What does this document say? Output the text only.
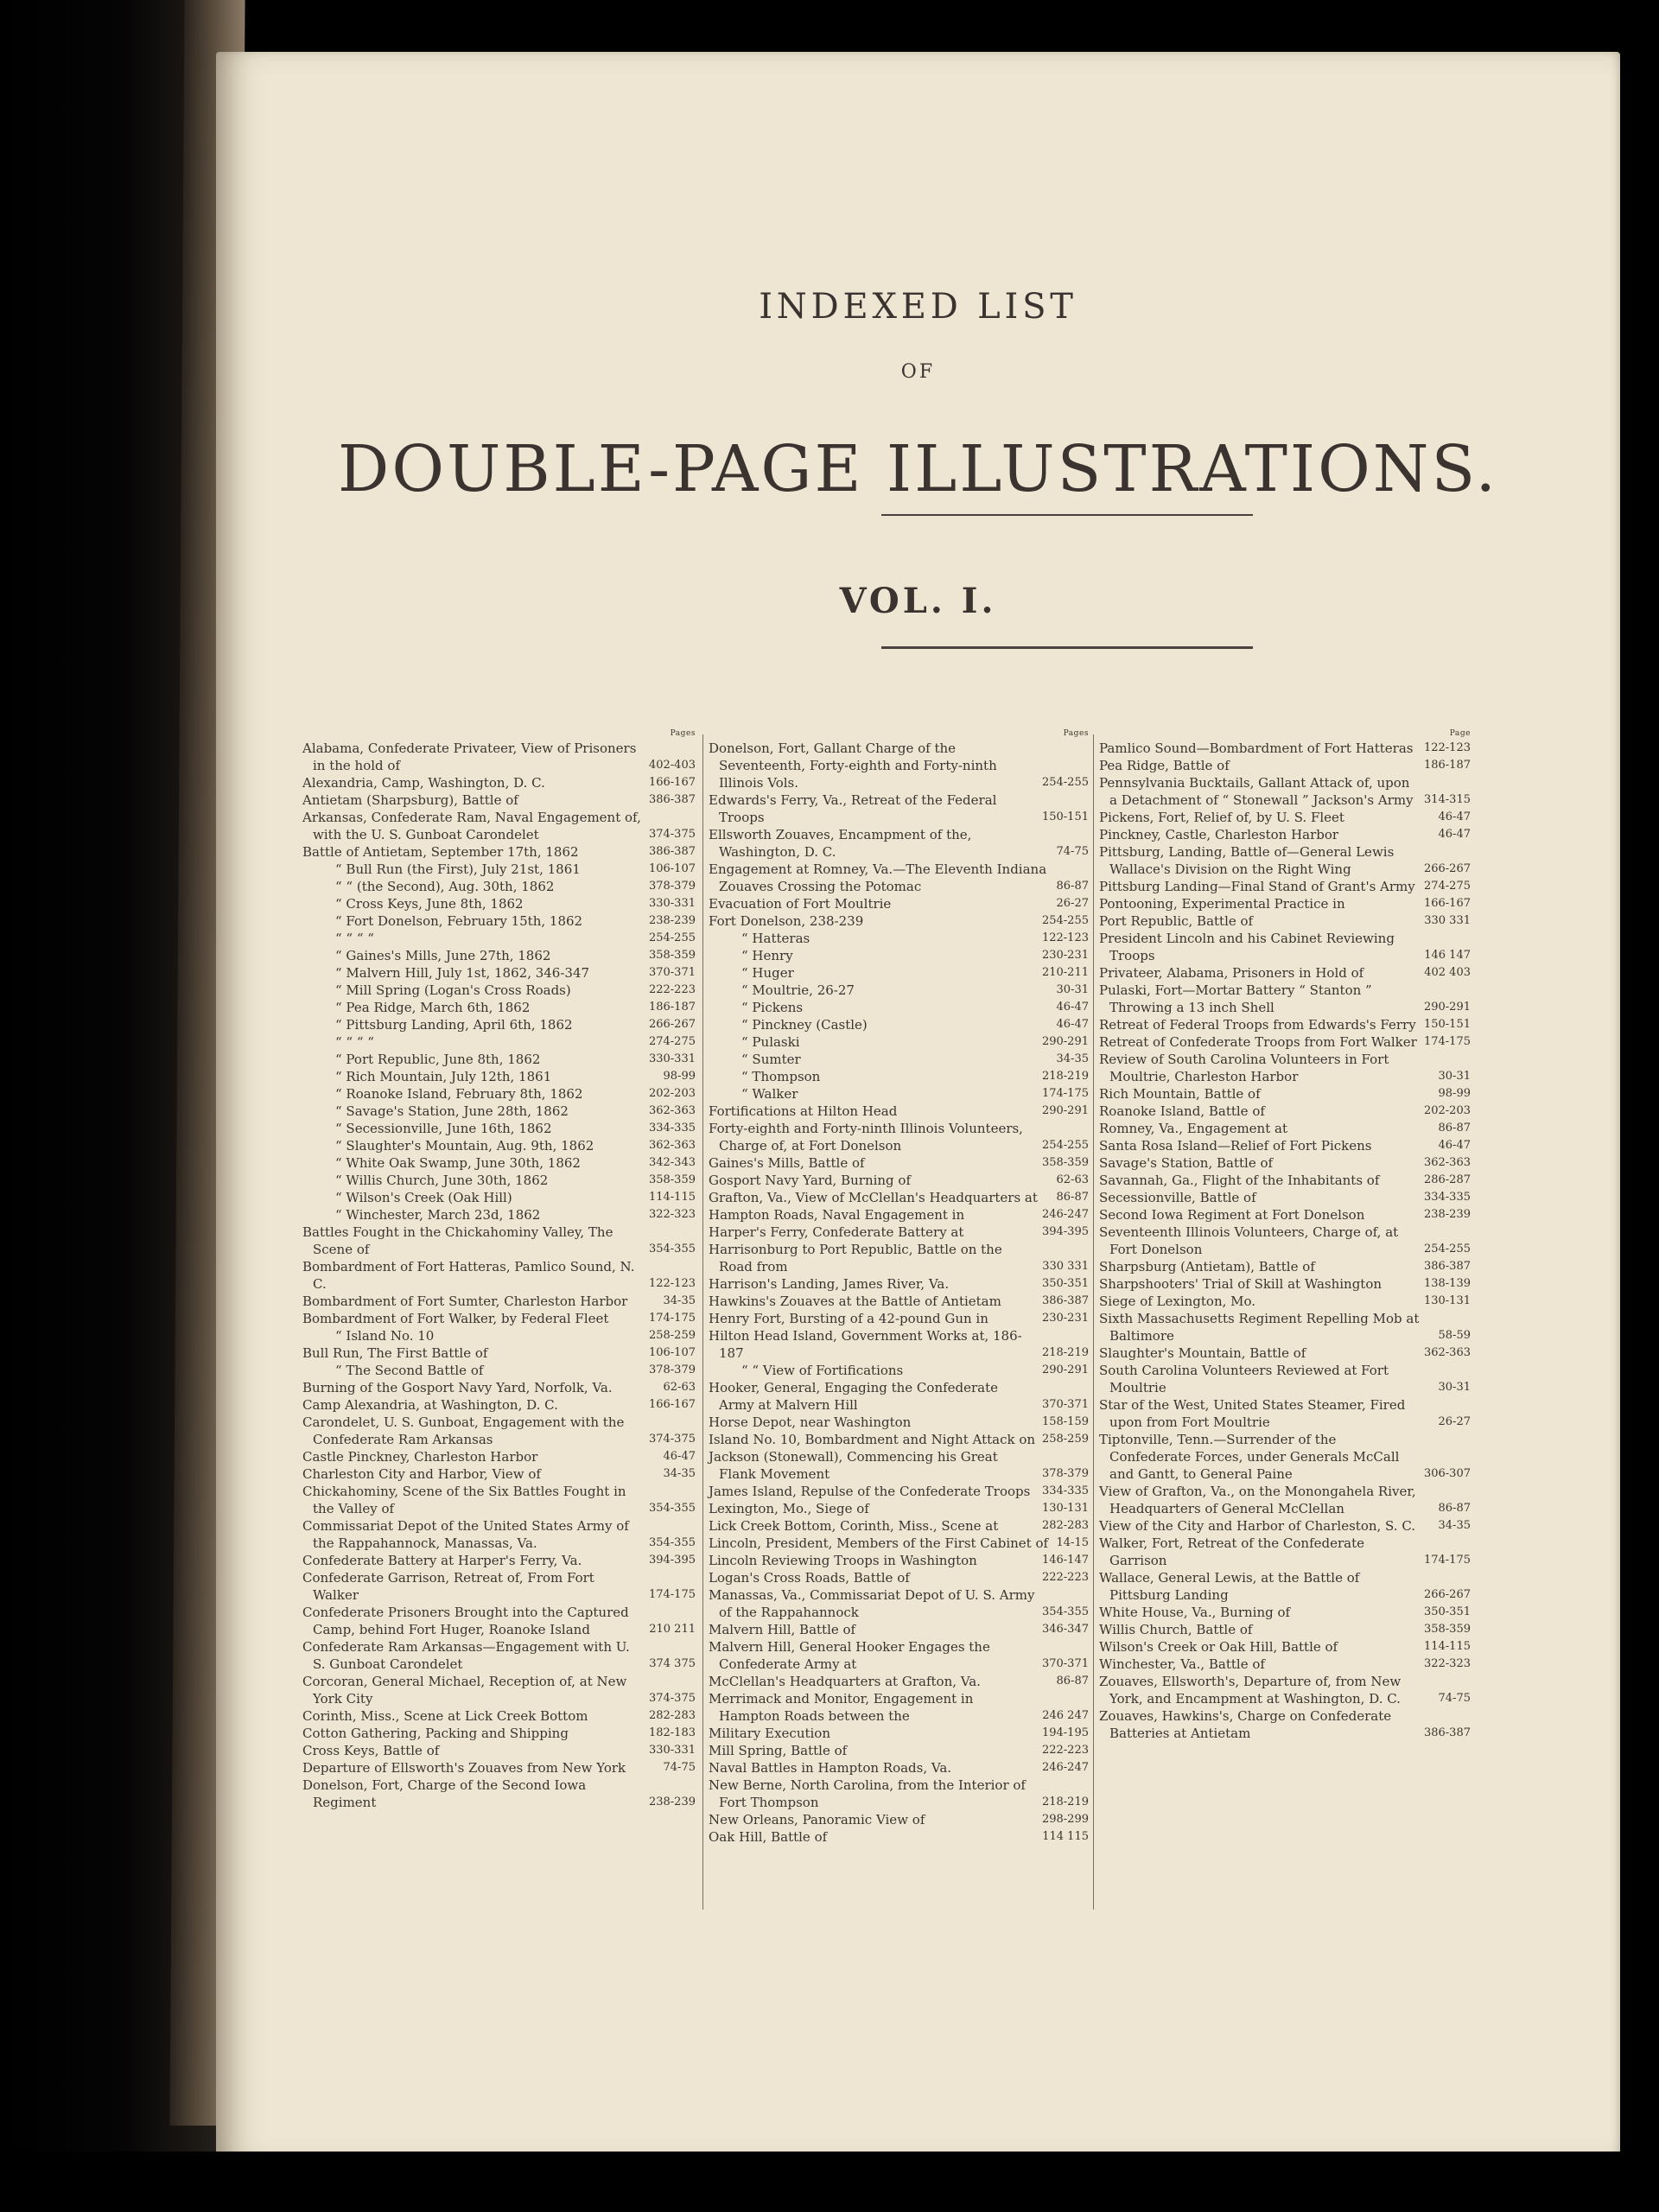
INDEXED LIST
OF
DOUBLE-PAGE ILLUSTRATIONS.
VOL. I.
Pages
Alabama, Confederate Privateer, View of Prisoners in the hold of	402-403
Alexandria, Camp, Washington, D. C.	166-167
Antietam (Sharpsburg), Battle of	386-387
Arkansas, Confederate Ram, Naval Engagement of, with the U. S. Gunboat Carondelet	374-375
Battle of Antietam, September 17th, 1862	386-387
“ Bull Run (the First), July 21st, 1861	106-107
“ “ (the Second), Aug. 30th, 1862	378-379
“ Cross Keys, June 8th, 1862	330-331
“ Fort Donelson, February 15th, 1862	238-239
“ “ “ “	254-255
“ Gaines's Mills, June 27th, 1862	358-359
“ Malvern Hill, July 1st, 1862, 346-347	370-371
“ Mill Spring (Logan's Cross Roads)	222-223
“ Pea Ridge, March 6th, 1862	186-187
“ Pittsburg Landing, April 6th, 1862	266-267
“ “ “ “	274-275
“ Port Republic, June 8th, 1862	330-331
“ Rich Mountain, July 12th, 1861	98-99
“ Roanoke Island, February 8th, 1862	202-203
“ Savage's Station, June 28th, 1862	362-363
“ Secessionville, June 16th, 1862	334-335
“ Slaughter's Mountain, Aug. 9th, 1862	362-363
“ White Oak Swamp, June 30th, 1862	342-343
“ Willis Church, June 30th, 1862	358-359
“ Wilson's Creek (Oak Hill)	114-115
“ Winchester, March 23d, 1862	322-323
Battles Fought in the Chickahominy Valley, The Scene of	354-355
Bombardment of Fort Hatteras, Pamlico Sound, N. C.	122-123
Bombardment of Fort Sumter, Charleston Harbor	34-35
Bombardment of Fort Walker, by Federal Fleet	174-175
“ Island No. 10	258-259
Bull Run, The First Battle of	106-107
“ The Second Battle of	378-379
Burning of the Gosport Navy Yard, Norfolk, Va.	62-63
Camp Alexandria, at Washington, D. C.	166-167
Carondelet, U. S. Gunboat, Engagement with the Confederate Ram Arkansas	374-375
Castle Pinckney, Charleston Harbor	46-47
Charleston City and Harbor, View of	34-35
Chickahominy, Scene of the Six Battles Fought in the Valley of	354-355
Commissariat Depot of the United States Army of the Rappahannock, Manassas, Va.	354-355
Confederate Battery at Harper's Ferry, Va.	394-395
Confederate Garrison, Retreat of, From Fort Walker	174-175
Confederate Prisoners Brought into the Captured Camp, behind Fort Huger, Roanoke Island	210 211
Confederate Ram Arkansas—Engagement with U. S. Gunboat Carondelet	374 375
Corcoran, General Michael, Reception of, at New York City	374-375
Corinth, Miss., Scene at Lick Creek Bottom	282-283
Cotton Gathering, Packing and Shipping	182-183
Cross Keys, Battle of	330-331
Departure of Ellsworth's Zouaves from New York	74-75
Donelson, Fort, Charge of the Second Iowa Regiment	238-239
Pages
Donelson, Fort, Gallant Charge of the Seventeenth, Forty-eighth and Forty-ninth Illinois Vols.	254-255
Edwards's Ferry, Va., Retreat of the Federal Troops	150-151
Ellsworth Zouaves, Encampment of the, Washington, D. C.	74-75
Engagement at Romney, Va.—The Eleventh Indiana Zouaves Crossing the Potomac	86-87
Evacuation of Fort Moultrie	26-27
Fort Donelson, 238-239	254-255
“ Hatteras	122-123
“ Henry	230-231
“ Huger	210-211
“ Moultrie, 26-27	30-31
“ Pickens	46-47
“ Pinckney (Castle)	46-47
“ Pulaski	290-291
“ Sumter	34-35
“ Thompson	218-219
“ Walker	174-175
Fortifications at Hilton Head	290-291
Forty-eighth and Forty-ninth Illinois Volunteers, Charge of, at Fort Donelson	254-255
Gaines's Mills, Battle of	358-359
Gosport Navy Yard, Burning of	62-63
Grafton, Va., View of McClellan's Headquarters at	86-87
Hampton Roads, Naval Engagement in	246-247
Harper's Ferry, Confederate Battery at	394-395
Harrisonburg to Port Republic, Battle on the Road from	330 331
Harrison's Landing, James River, Va.	350-351
Hawkins's Zouaves at the Battle of Antietam	386-387
Henry Fort, Bursting of a 42-pound Gun in	230-231
Hilton Head Island, Government Works at, 186-187	218-219
“ “ View of Fortifications	290-291
Hooker, General, Engaging the Confederate Army at Malvern Hill	370-371
Horse Depot, near Washington	158-159
Island No. 10, Bombardment and Night Attack on 258-259
Jackson (Stonewall), Commencing his Great Flank Movement	378-379
James Island, Repulse of the Confederate Troops	334-335
Lexington, Mo., Siege of	130-131
Lick Creek Bottom, Corinth, Miss., Scene at	282-283
Lincoln, President, Members of the First Cabinet of 14-15
Lincoln Reviewing Troops in Washington	146-147
Logan's Cross Roads, Battle of	222-223
Manassas, Va., Commissariat Depot of U. S. Army of the Rappahannock	354-355
Malvern Hill, Battle of	346-347
Malvern Hill, General Hooker Engages the Confederate Army at	370-371
McClellan's Headquarters at Grafton, Va.	86-87
Merrimack and Monitor, Engagement in Hampton Roads between the	246 247
Military Execution	194-195
Mill Spring, Battle of	222-223
Naval Battles in Hampton Roads, Va.	246-247
New Berne, North Carolina, from the Interior of Fort Thompson	218-219
New Orleans, Panoramic View of	298-299
Oak Hill, Battle of	114 115
Page
Pamlico Sound—Bombardment of Fort Hatteras 122-123
Pea Ridge, Battle of	186-187
Pennsylvania Bucktails, Gallant Attack of, upon a Detachment of “ Stonewall ” Jackson's Army 314-315
Pickens, Fort, Relief of, by U. S. Fleet	46-47
Pinckney, Castle, Charleston Harbor	46-47
Pittsburg, Landing, Battle of—General Lewis Wallace's Division on the Right Wing	266-267
Pittsburg Landing—Final Stand of Grant's Army 274-275
Pontooning, Experimental Practice in	166-167
Port Republic, Battle of	330 331
President Lincoln and his Cabinet Reviewing Troops	146 147
Privateer, Alabama, Prisoners in Hold of	402 403
Pulaski, Fort—Mortar Battery “ Stanton ” Throwing a 13 inch Shell	290-291
Retreat of Federal Troops from Edwards's Ferry 150-151
Retreat of Confederate Troops from Fort Walker 174-175
Review of South Carolina Volunteers in Fort Moultrie, Charleston Harbor	30-31
Rich Mountain, Battle of	98-99
Roanoke Island, Battle of	202-203
Romney, Va., Engagement at	86-87
Santa Rosa Island—Relief of Fort Pickens	46-47
Savage's Station, Battle of	362-363
Savannah, Ga., Flight of the Inhabitants of	286-287
Secessionville, Battle of	334-335
Second Iowa Regiment at Fort Donelson	238-239
Seventeenth Illinois Volunteers, Charge of, at Fort Donelson	254-255
Sharpsburg (Antietam), Battle of	386-387
Sharpshooters' Trial of Skill at Washington	138-139
Siege of Lexington, Mo.	130-131
Sixth Massachusetts Regiment Repelling Mob at Baltimore	58-59
Slaughter's Mountain, Battle of	362-363
South Carolina Volunteers Reviewed at Fort Moultrie	30-31
Star of the West, United States Steamer, Fired upon from Fort Moultrie	26-27
Tiptonville, Tenn.—Surrender of the Confederate Forces, under Generals McCall and Gantt, to General Paine	306-307
View of Grafton, Va., on the Monongahela River, Headquarters of General McClellan	86-87
View of the City and Harbor of Charleston, S. C.	34-35
Walker, Fort, Retreat of the Confederate Garrison	174-175
Wallace, General Lewis, at the Battle of Pittsburg Landing	266-267
White House, Va., Burning of	350-351
Willis Church, Battle of	358-359
Wilson's Creek or Oak Hill, Battle of	114-115
Winchester, Va., Battle of	322-323
Zouaves, Ellsworth's, Departure of, from New York, and Encampment at Washington, D. C.	74-75
Zouaves, Hawkins's, Charge on Confederate Batteries at Antietam	386-387
